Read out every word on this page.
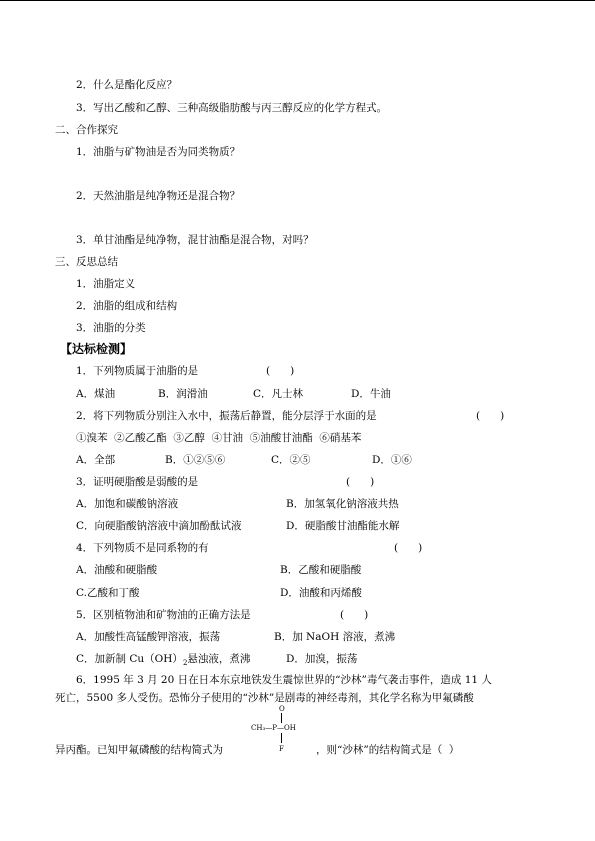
2．什么是酯化反应？
3．写出乙酸和乙醇、三种高级脂肪酸与丙三醇反应的化学方程式。
二、合作探究
1．油脂与矿物油是否为同类物质？
2．天然油脂是纯净物还是混合物？
3．单甘油酯是纯净物，混甘油酯是混合物，对吗？
三、反思总结
1．油脂定义
2．油脂的组成和结构
3．油脂的分类
【达标检测】
1．下列物质属于油脂的是	(      )
A．煤油	B．润滑油	C．凡士林	D．牛油
2．将下列物质分别注入水中，振荡后静置，能分层浮于水面的是	(      )
①溴苯  ②乙酸乙酯  ③乙醇  ④甘油  ⑤油酸甘油酯  ⑥硝基苯
A．全部	B．①②⑤⑥	C．②⑤	D．①⑥
3．证明硬脂酸是弱酸的是	(      )
A．加饱和碳酸钠溶液	B．加氢氧化钠溶液共热
C．向硬脂酸钠溶液中滴加酚酞试液	D．硬脂酸甘油酯能水解
4．下列物质不是同系物的有	(      )
A．油酸和硬脂酸	B．乙酸和硬脂酸
C.乙酸和丁酸	D．油酸和丙烯酸
5．区别植物油和矿物油的正确方法是	(      )
A．加酸性高锰酸钾溶液，振荡	B．加 NaOH 溶液，煮沸
C．加新制 $Cu(OH)_2$悬浊液，煮沸	D．加溴，振荡
6．1995 年 3 月 20 日在日本东京地铁发生震惊世界的“沙林”毒气袭击事件，造成 11 人
死亡，5500 多人受伤。恐怖分子使用的“沙林”是剧毒的神经毒剂，其化学名称为甲氟磷酸
O
CH₃—P—OH
F
异丙酯。已知甲氟磷酸的结构简式为	，则“沙林”的结构简式是（  ）
